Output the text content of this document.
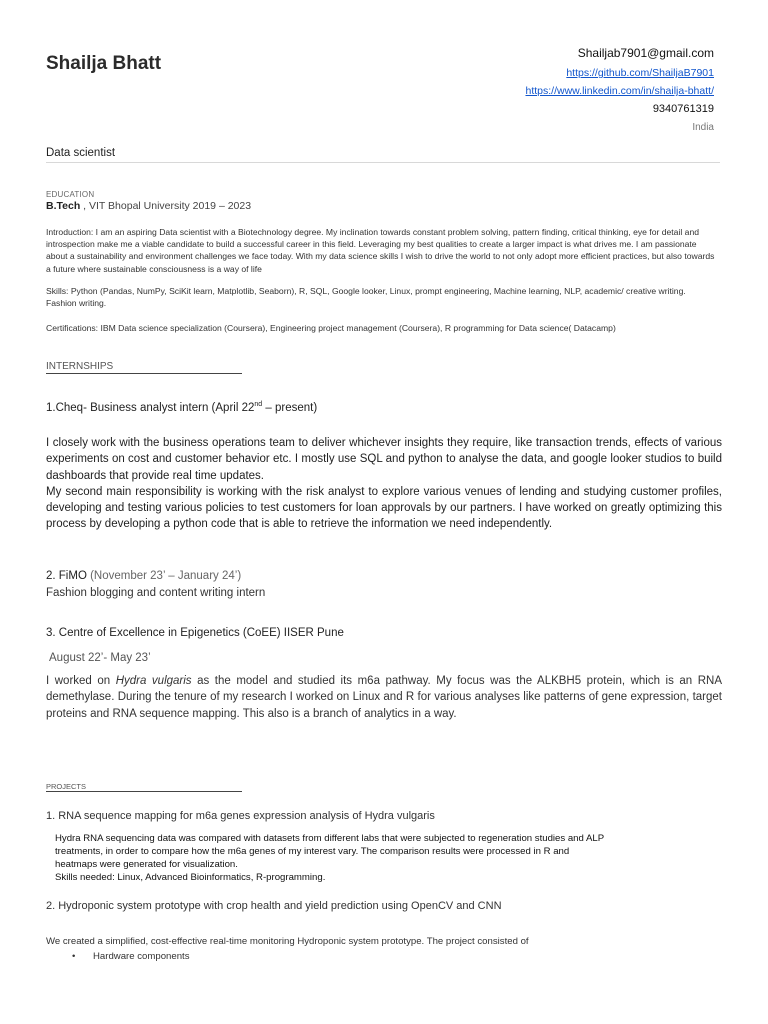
Shailja Bhatt	Shailjab7901@gmail.com
https://github.com/ShailjaB7901
https://www.linkedin.com/in/shailja-bhatt/
9340761319
India
Data scientist
EDUCATION
B.Tech , VIT Bhopal University 2019 – 2023
Introduction: I am an aspiring Data scientist with a Biotechnology degree. My inclination towards constant problem solving, pattern finding, critical thinking, eye for detail and introspection make me a viable candidate to build a successful career in this field. Leveraging my best qualities to create a larger impact is what drives me. I am passionate about a sustainability and environment challenges we face today. With my data science skills I wish to drive the world to not only adopt more efficient practices, but also towards a future where sustainable consciousness is a way of life
Skills: Python (Pandas, NumPy, SciKit learn, Matplotlib, Seaborn), R, SQL, Google looker, Linux, prompt engineering, Machine learning, NLP, academic/ creative writing. Fashion writing.
Certifications: IBM Data science specialization (Coursera), Engineering project management (Coursera), R programming for Data science( Datacamp)
INTERNSHIPS
1.Cheq- Business analyst intern (April 22nd – present)
I closely work with the business operations team to deliver whichever insights they require, like transaction trends, effects of various experiments on cost and customer behavior etc. I mostly use SQL and python to analyse the data, and google looker studios to build dashboards that provide real time updates.
My second main responsibility is working with the risk analyst to explore various venues of lending and studying customer profiles, developing and testing various policies to test customers for loan approvals by our partners. I have worked on greatly optimizing this process by developing a python code that is able to retrieve the information we need independently.
2. FiMO (November 23’ – January 24’)
Fashion blogging and content writing intern
3. Centre of Excellence in Epigenetics (CoEE) IISER Pune
August 22’- May 23’
I worked on Hydra vulgaris as the model and studied its m6a pathway. My focus was the ALKBH5 protein, which is an RNA demethylase. During the tenure of my research I worked on Linux and R for various analyses like patterns of gene expression, target proteins and RNA sequence mapping. This also is a branch of analytics in a way.
PROJECTS
1. RNA sequence mapping for m6a genes expression analysis of Hydra vulgaris
Hydra RNA sequencing data was compared with datasets from different labs that were subjected to regeneration studies and ALP
treatments, in order to compare how the m6a genes of my interest vary. The comparison results were processed in R and
heatmaps were generated for visualization.
Skills needed: Linux, Advanced Bioinformatics, R-programming.
2. Hydroponic system prototype with crop health and yield prediction using OpenCV and CNN
We created a simplified, cost-effective real-time monitoring Hydroponic system prototype. The project consisted of
• Hardware components
